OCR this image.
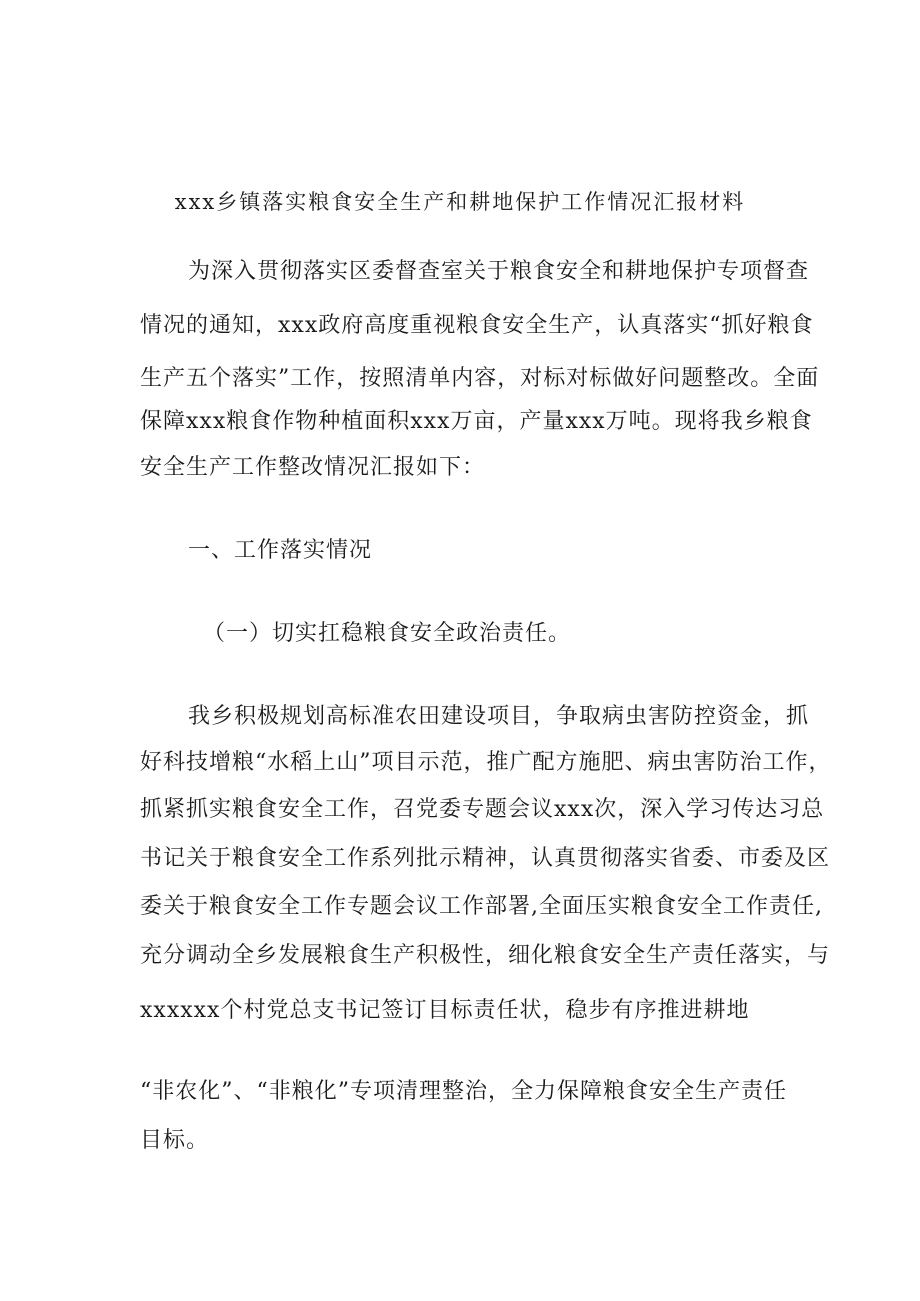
xxx乡镇落实粮食安全生产和耕地保护工作情况汇报材料
为深入贯彻落实区委督查室关于粮食安全和耕地保护专项督查
情况的通知，xxx政府高度重视粮食安全生产，认真落实“抓好粮食
生产五个落实”工作，按照清单内容，对标对标做好问题整改。全面
保障xxx粮食作物种植面积xxx万亩，产量xxx万吨。现将我乡粮食
安全生产工作整改情况汇报如下：
一、工作落实情况
（一）切实扛稳粮食安全政治责任。
我乡积极规划高标准农田建设项目，争取病虫害防控资金，抓
好科技增粮“水稻上山”项目示范，推广配方施肥、病虫害防治工作，
抓紧抓实粮食安全工作，召党委专题会议xxx次，深入学习传达习总
书记关于粮食安全工作系列批示精神，认真贯彻落实省委、市委及区
委关于粮食安全工作专题会议工作部署,全面压实粮食安全工作责任,
充分调动全乡发展粮食生产积极性，细化粮食安全生产责任落实，与
xxxxxx个村党总支书记签订目标责任状，稳步有序推进耕地
“非农化”、“非粮化”专项清理整治，全力保障粮食安全生产责任
目标。
